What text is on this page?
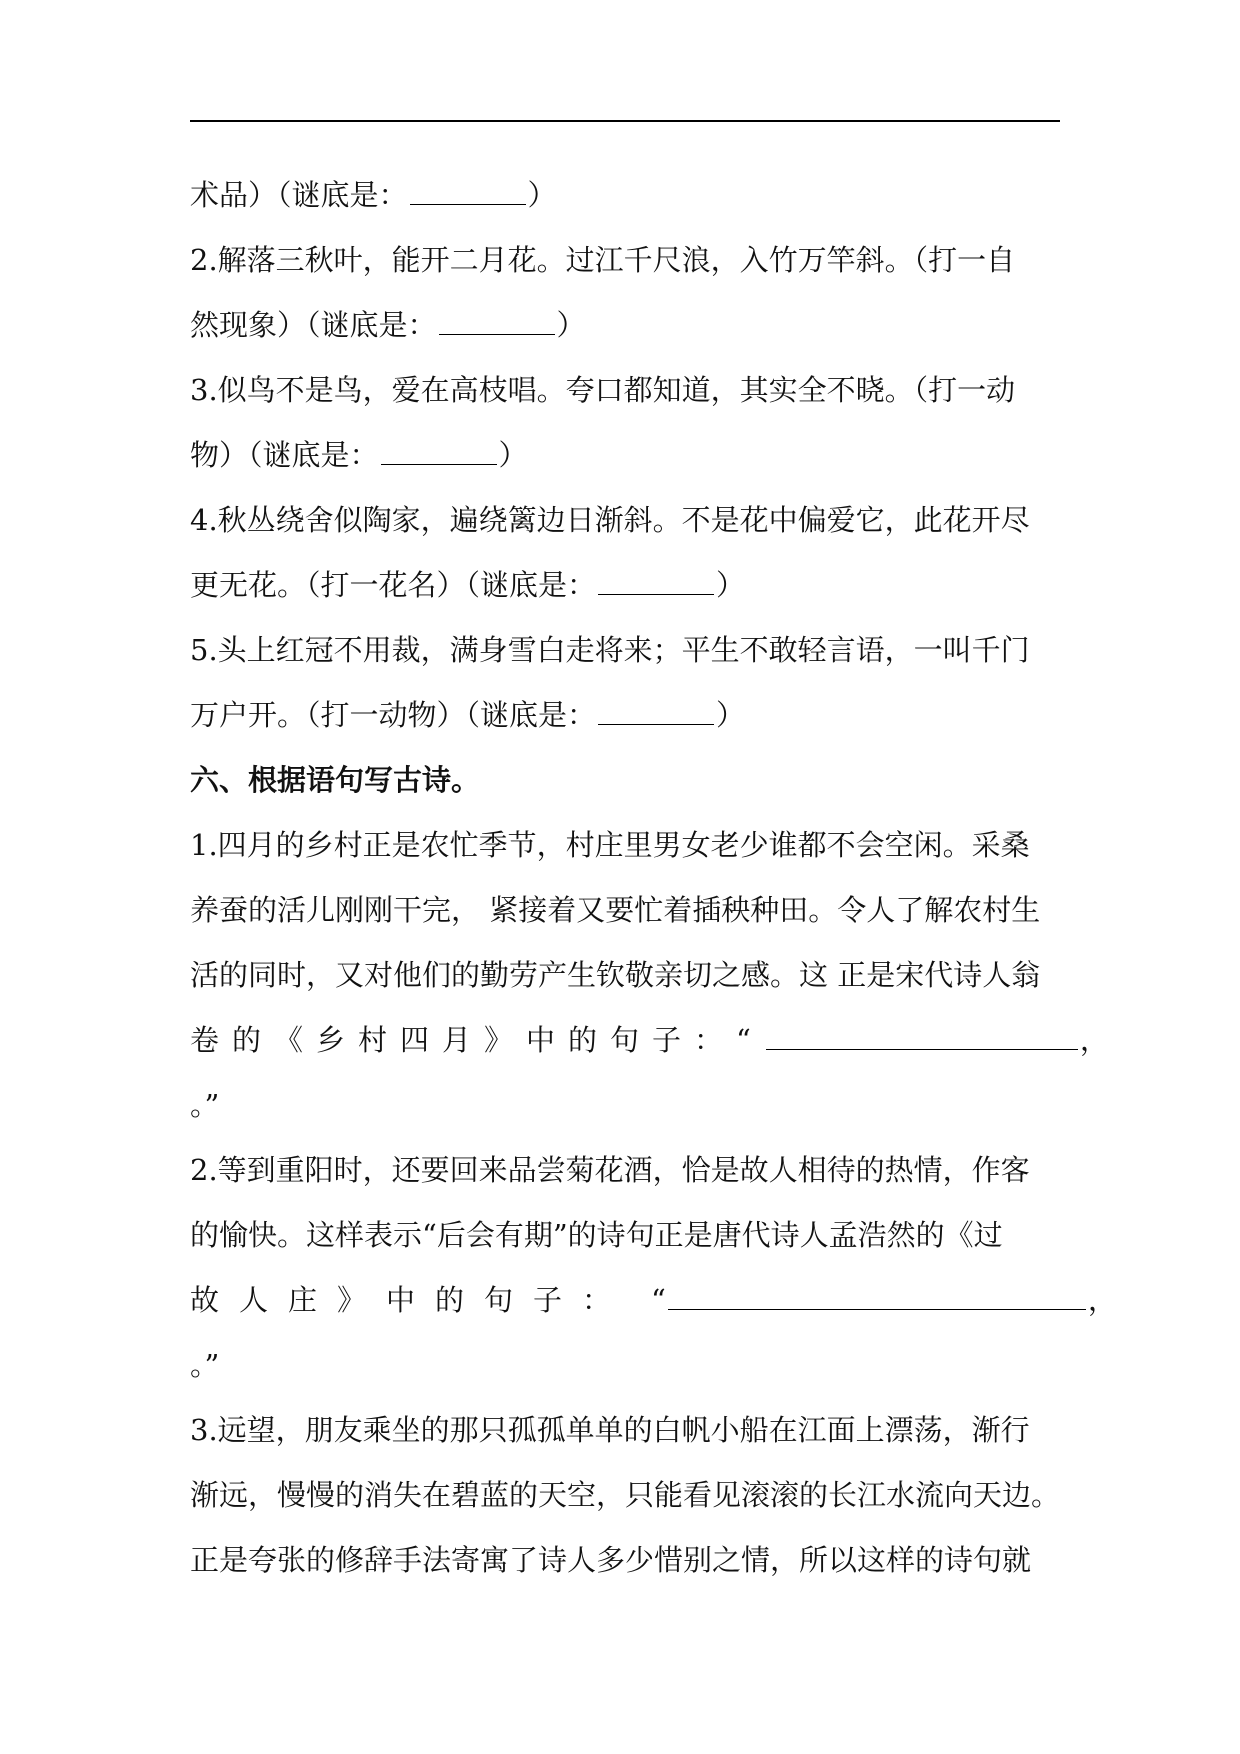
术品）（谜底是：	）
2.解落三秋叶，能开二月花。过江千尺浪，入竹万竿斜。（打一自
然现象）（谜底是：	）
3.似鸟不是鸟，爱在高枝唱。夸口都知道，其实全不晓。（打一动
物）（谜底是：	）
4.秋丛绕舍似陶家，遍绕篱边日渐斜。不是花中偏爱它，此花开尽
更无花。（打一花名）（谜底是：	）
5.头上红冠不用裁，满身雪白走将来；平生不敢轻言语，一叫千门
万户开。（打一动物）（谜底是：	）
六、根据语句写古诗。
1.四月的乡村正是农忙季节，村庄里男女老少谁都不会空闲。采桑
养蚕的活儿刚刚干完， 紧接着又要忙着插秧种田。令人了解农村生
活的同时，又对他们的勤劳产生钦敬亲切之感。这 正是宋代诗人翁
卷的《乡村四月》中的句子：“	，
。”
2.等到重阳时，还要回来品尝菊花酒，恰是故人相待的热情，作客
的愉快。这样表示“后会有期”的诗句正是唐代诗人孟浩然的《过
故人庄》中的句子： “	，
。”
3.远望，朋友乘坐的那只孤孤单单的白帆小船在江面上漂荡，渐行
渐远，慢慢的消失在碧蓝的天空，只能看见滚滚的长江水流向天边。
正是夸张的修辞手法寄寓了诗人多少惜别之情，所以这样的诗句就
